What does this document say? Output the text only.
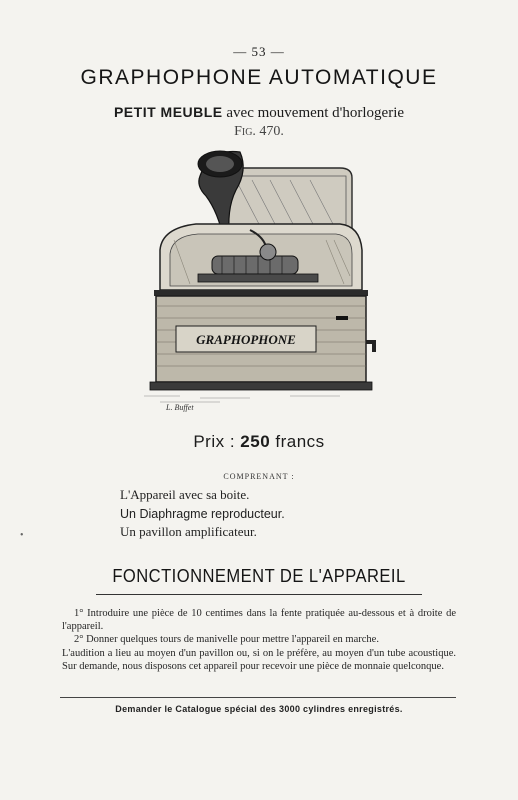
— 53 —
GRAPHOPHONE AUTOMATIQUE
PETIT MEUBLE avec mouvement d'horlogerie
Fig. 470.
GRAPHOPHONE
L. Buffet
Prix : 250 francs
COMPRENANT :
L'Appareil avec sa boite.
Un Diaphragme reproducteur.
Un pavillon amplificateur.
•
FONCTIONNEMENT DE L'APPAREIL

1° Introduire une pièce de 10 centimes dans la fente pratiquée au-dessous et à droite de l'appareil.

2° Donner quelques tours de manivelle pour mettre l'appareil en marche.

L'audition a lieu au moyen d'un pavillon ou, si on le préfère, au moyen d'un tube acoustique. Sur demande, nous disposons cet appareil pour recevoir une pièce de monnaie quelconque.

Demander le Catalogue spécial des 3000 cylindres enregistrés.
